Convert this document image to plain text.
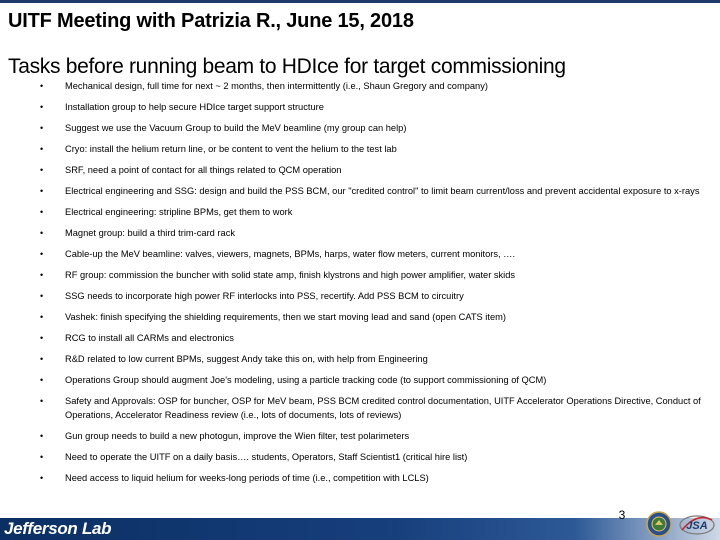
UITF Meeting with Patrizia R., June 15, 2018
Tasks before running beam to HDIce for target commissioning
• Mechanical design, full time for next ~ 2 months, then intermittently (i.e., Shaun Gregory and company)
• Installation group to help secure HDIce target support structure
• Suggest we use the Vacuum Group to build the MeV beamline (my group can help)
• Cryo: install the helium return line, or be content to vent the helium to the test lab
• SRF, need a point of contact for all things related to QCM operation
• Electrical engineering and SSG: design and build the PSS BCM, our "credited control" to limit beam current/loss and prevent accidental exposure to x-rays
• Electrical engineering: stripline BPMs, get them to work
• Magnet group: build a third trim-card rack
• Cable-up the MeV beamline: valves, viewers, magnets, BPMs, harps, water flow meters, current monitors, ….
• RF group: commission the buncher with solid state amp, finish klystrons and high power amplifier, water skids
• SSG needs to incorporate high power RF interlocks into PSS, recertify. Add PSS BCM to circuitry
• Vashek: finish specifying the shielding requirements, then we start moving lead and sand (open CATS item)
• RCG to install all CARMs and electronics
• R&D related to low current BPMs, suggest Andy take this on, with help from Engineering
• Operations Group should augment Joe's modeling, using a particle tracking code (to support commissioning of QCM)
• Safety and Approvals: OSP for buncher, OSP for MeV beam, PSS BCM credited control documentation, UITF Accelerator Operations Directive, Conduct of Operations, Accelerator Readiness review (i.e., lots of documents, lots of reviews)
• Gun group needs to build a new photogun, improve the Wien filter, test polarimeters
• Need to operate the UITF on a daily basis…. students, Operators, Staff Scientist1 (critical hire list)
• Need access to liquid helium for weeks-long periods of time (i.e., competition with LCLS)
Jefferson Lab
3
JSA
